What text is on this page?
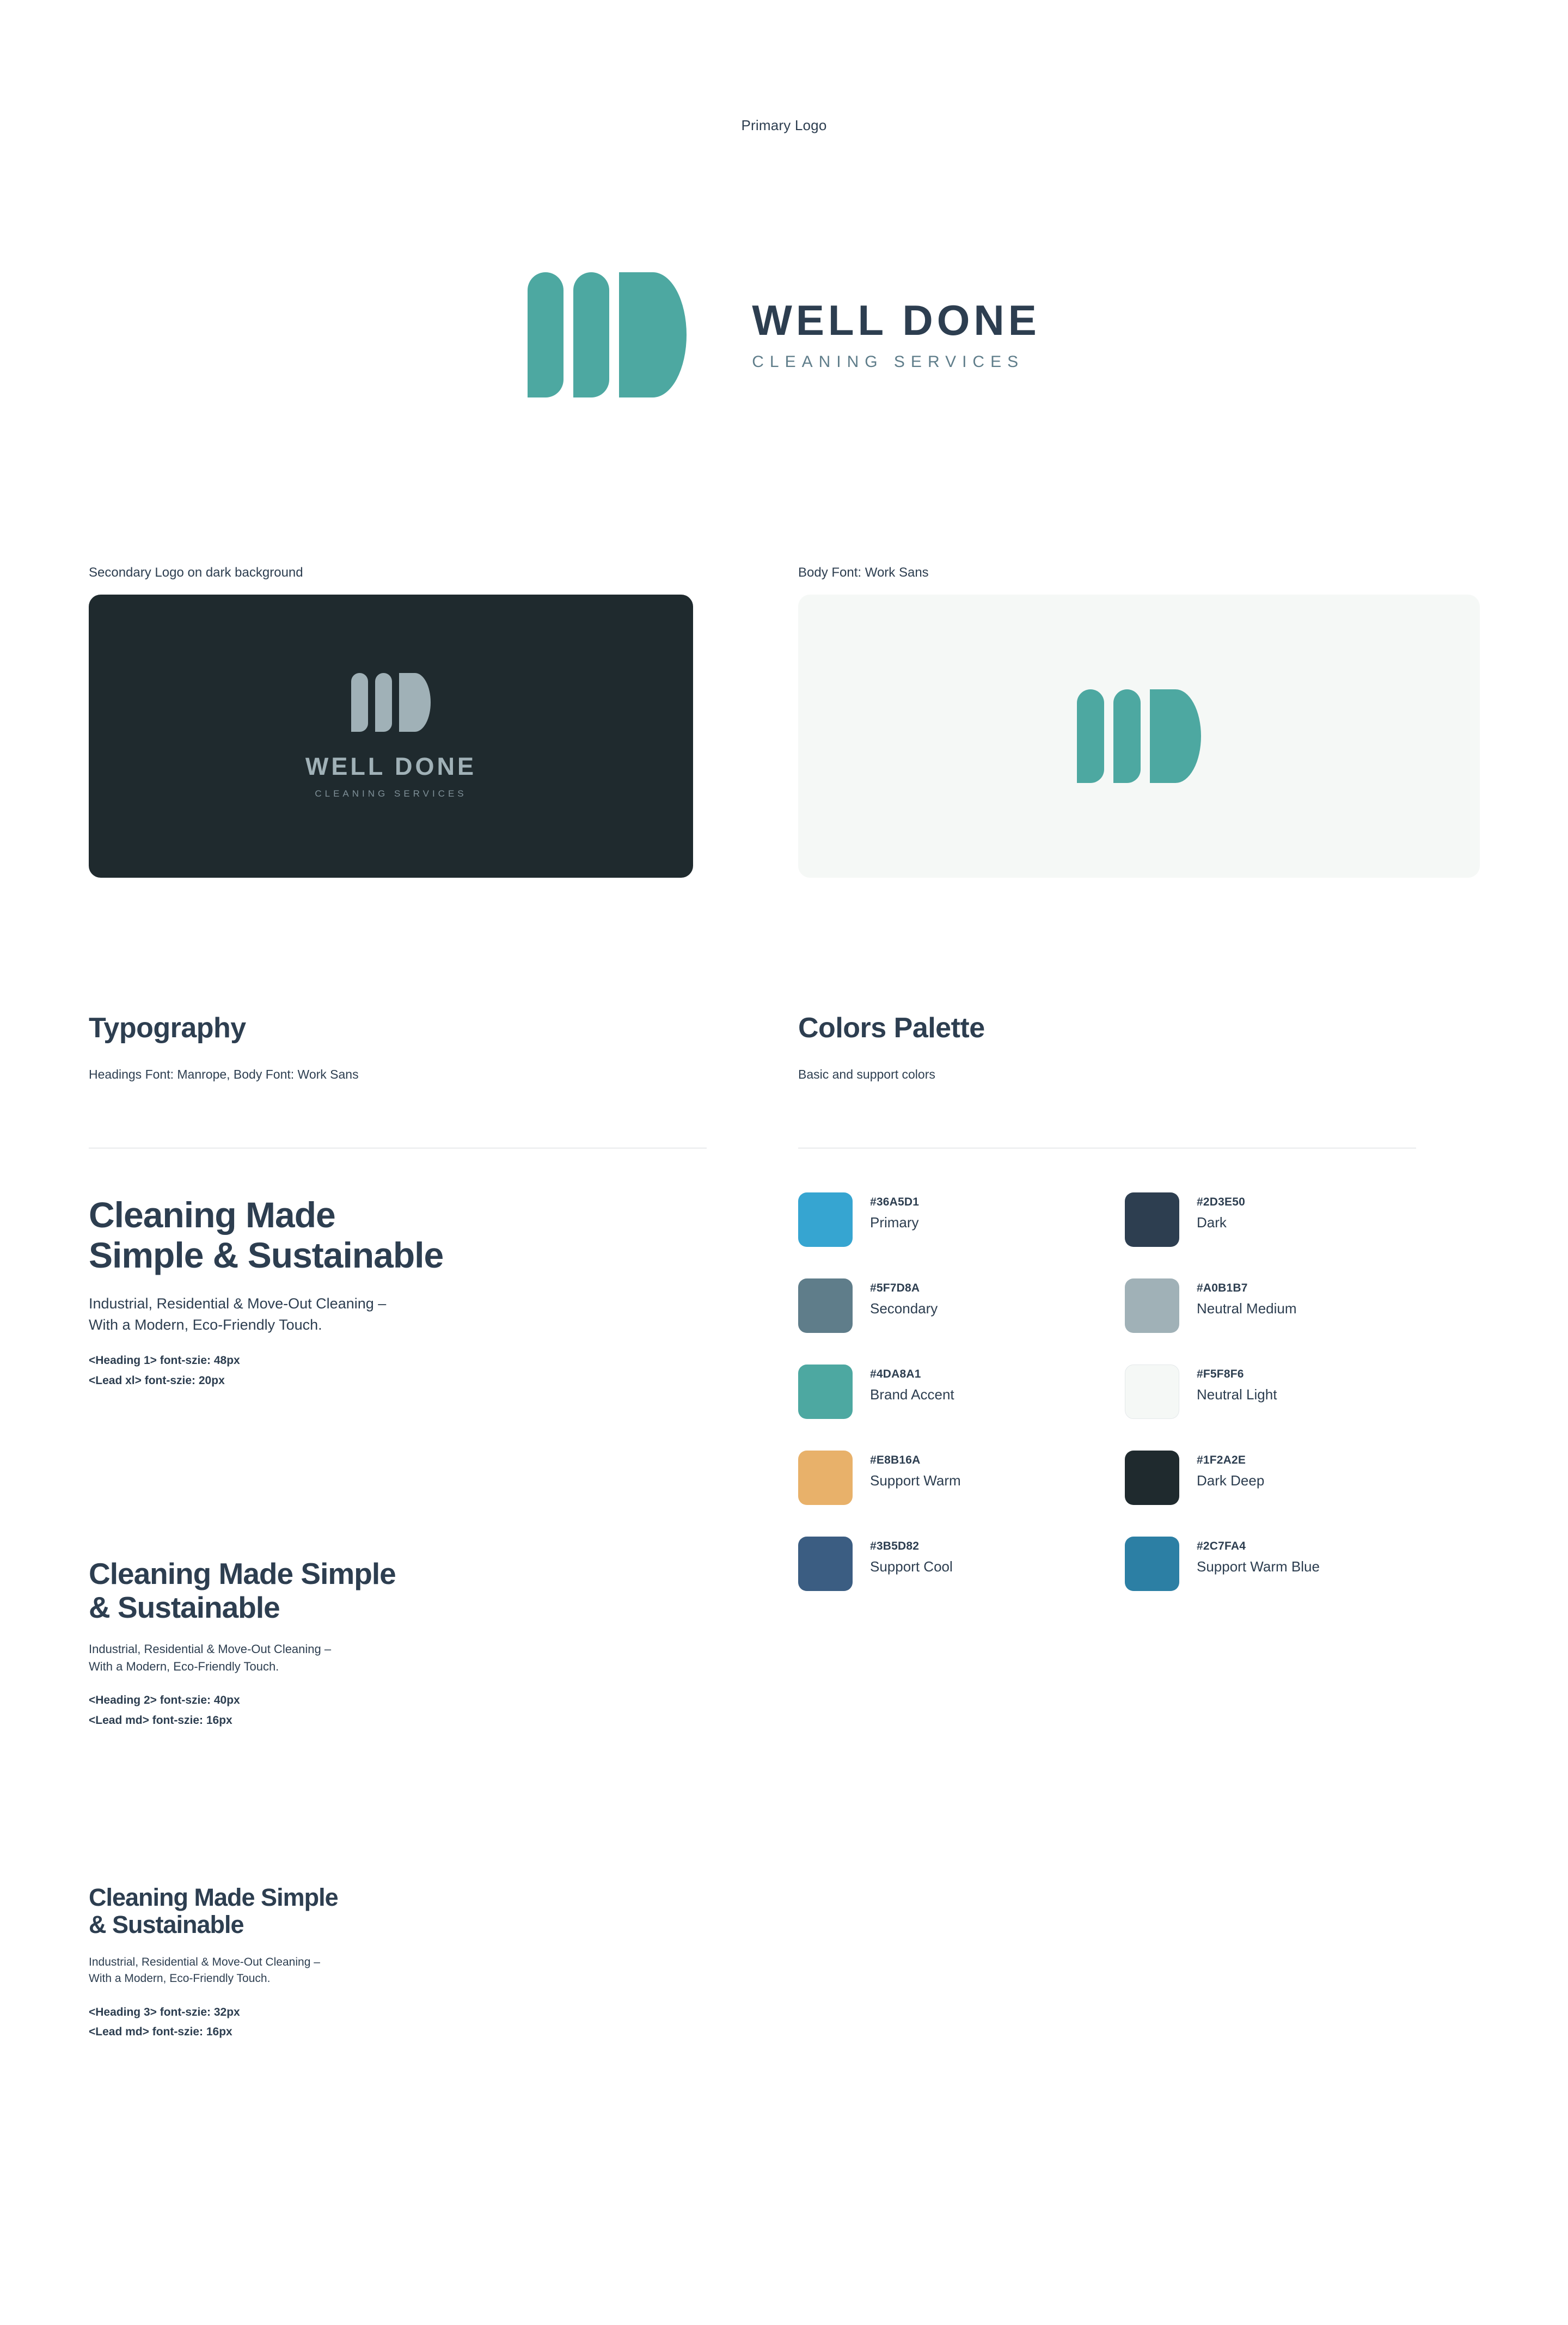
Primary Logo
WELL DONE
CLEANING SERVICES
Secondary Logo on dark background	Body Font: Work Sans
WELL DONE
CLEANING SERVICES
Typography
Headings Font: Manrope, Body Font: Work Sans
Cleaning Made
Simple & Sustainable
Industrial, Residential & Move-Out Cleaning –
With a Modern, Eco-Friendly Touch.
<Heading 1> font-szie: 48px
<Lead xl> font-szie: 20px
Cleaning Made Simple
& Sustainable
Industrial, Residential & Move-Out Cleaning –
With a Modern, Eco-Friendly Touch.
<Heading 2> font-szie: 40px
<Lead md> font-szie: 16px
Cleaning Made Simple
& Sustainable
Industrial, Residential & Move-Out Cleaning –
With a Modern, Eco-Friendly Touch.
<Heading 3> font-szie: 32px
<Lead md> font-szie: 16px
Colors Palette
Basic and support colors
#36A5D1
Primary
#2D3E50
Dark
#5F7D8A
Secondary
#A0B1B7
Neutral Medium
#4DA8A1
Brand Accent
#F5F8F6
Neutral Light
#E8B16A
Support Warm
#1F2A2E
Dark Deep
#3B5D82
Support Cool
#2C7FA4
Support Warm Blue
